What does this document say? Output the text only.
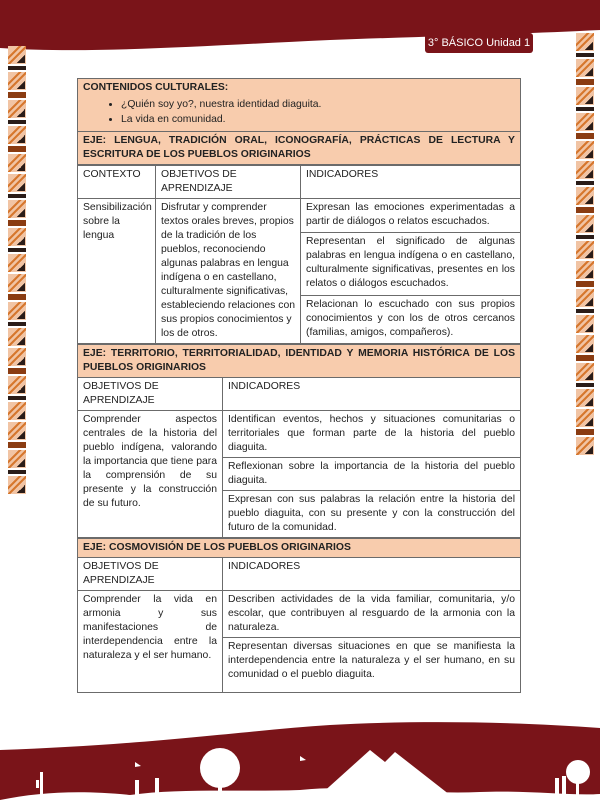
3° BÁSICO Unidad 1
CONTENIDOS CULTURALES:
• ¿Quién soy yo?, nuestra identidad diaguita.
• La vida en comunidad.

EJE: LENGUA, TRADICIÓN ORAL, ICONOGRAFÍA, PRÁCTICAS DE LECTURA Y ESCRITURA DE LOS PUEBLOS ORIGINARIOS
CONTEXTO	OBJETIVOS DE APRENDIZAJE	INDICADORES
Sensibilización sobre la lengua	Disfrutar y comprender textos orales breves, propios de la tradición de los pueblos, reconociendo algunas palabras en lengua indígena o en castellano, culturalmente significativas, estableciendo relaciones con sus propios conocimientos y los de otros.	Expresan las emociones experimentadas a partir de diálogos o relatos escuchados.
		Representan el significado de algunas palabras en lengua indígena o en castellano, culturalmente significativas, presentes en los relatos o diálogos escuchados.
		Relacionan lo escuchado con sus propios conocimientos y con los de otros cercanos (familias, amigos, compañeros).
EJE: TERRITORIO, TERRITORIALIDAD, IDENTIDAD Y MEMORIA HISTÓRICA DE LOS PUEBLOS ORIGINARIOS	
OBJETIVOS DE APRENDIZAJE	INDICADORES
Comprender aspectos centrales de la historia del pueblo indígena, valorando la importancia que tiene para la comprensión de su presente y la construcción de su futuro.	Identifican eventos, hechos y situaciones comunitarias o territoriales que forman parte de la historia del pueblo diaguita.
	Reflexionan sobre la importancia de la historia del pueblo diaguita.
	Expresan con sus palabras la relación entre la historia del pueblo diaguita, con su presente y con la construcción del futuro de la comunidad.
EJE: COSMOVISIÓN DE LOS PUEBLOS ORIGINARIOS	
OBJETIVOS DE APRENDIZAJE	INDICADORES
Comprender la vida en armonia y sus manifestaciones de interdependencia entre la naturaleza y el ser humano.	Describen actividades de la vida familiar, comunitaria, y/o escolar, que contribuyen al resguardo de la armonia con la naturaleza.
	Representan diversas situaciones en que se manifiesta la interdependencia entre la naturaleza y el ser humano, en su comunidad o el pueblo diaguita.
